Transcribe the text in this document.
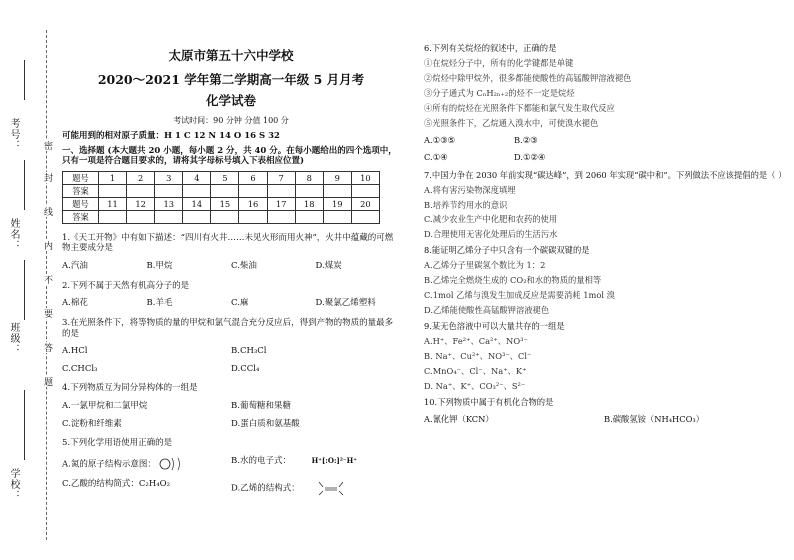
考号：
姓名：
班级：
学校：
密
封
线
内
不
要
答
题
太原市第五十六中学校
2020～2021 学年第二学期高一年级 5 月月考
化学试卷
考试时间：90 分钟 分值 100 分
可能用到的相对原子质量：H 1 C 12 N 14 O 16 S 32
一、选择题 (本大题共 20 小题，每小题 2 分，共 40 分。在每小题给出的四个选项中，只有一项是符合题目要求的，请将其字母标号填入下表相应位置)
题号	1	2	3	4	5	6	7	8	9	10
答案										
题号	11	12	13	14	15	16	17	18	19	20
答案										
1.《天工开物》中有如下描述：“四川有火井……未见火形而用火神”，火井中蕴藏的可燃物主要成分是
A.汽油	B.甲烷	C.柴油	D.煤炭
2.下列不属于天然有机高分子的是
A.棉花	B.羊毛	C.麻	D.聚氯乙烯塑料
3.在光照条件下，将等物质的量的甲烷和氯气混合充分反应后，得到产物的物质的量最多的是
A.HCl	B.CH₃Cl
C.CHCl₃	D.CCl₄
4.下列物质互为同分异构体的一组是
A.一氯甲烷和二氯甲烷	B.葡萄糖和果糖
C.淀粉和纤维素	D.蛋白质和氨基酸
5.下列化学用语使用正确的是
A.氮的原子结构示意图：	B.水的电子式：	H⁺[:O:]²⁻H⁺
C.乙酸的结构简式：C₂H₄O₂	D.乙烯的结构式：
6.下列有关烷烃的叙述中，正确的是
①在烷烃分子中，所有的化学键都是单键
②烷烃中除甲烷外，很多都能使酸性的高锰酸钾溶液褪色
③分子通式为 CₙH₂ₙ₊₂的烃不一定是烷烃
④所有的烷烃在光照条件下都能和氯气发生取代反应
⑤光照条件下，乙烷通入溴水中，可使溴水褪色
A.①③⑤	B.②③
C.①④	D.①②④
7.中国力争在 2030 年前实现“碳达峰”，到 2060 年实现“碳中和”。下列做法不应该提倡的是（ ）
A.将有害污染物深度填埋
B.培养节约用水的意识
C.减少农业生产中化肥和农药的使用
D.合理使用无害化处理后的生活污水
8.能证明乙烯分子中只含有一个碳碳双键的是
A.乙烯分子里碳氢个数比为 1：2
B.乙烯完全燃烧生成的 CO₂和水的物质的量相等
C.1mol 乙烯与溴发生加成反应是需要消耗 1mol 溴
D.乙烯能使酸性高锰酸钾溶液褪色
9.某无色溶液中可以大量共存的一组是
A.H⁺、Fe²⁺、Ca²⁺、NO³⁻
B. Na⁺、Cu²⁺、NO³⁻、Cl⁻
C.MnO₄⁻、Cl⁻、Na⁺、K⁺
D. Na⁺、K⁺、CO₃²⁻、S²⁻
10.下列物质中属于有机化合物的是
A.氰化钾（KCN）	B.碳酸氢铵（NH₄HCO₃）
